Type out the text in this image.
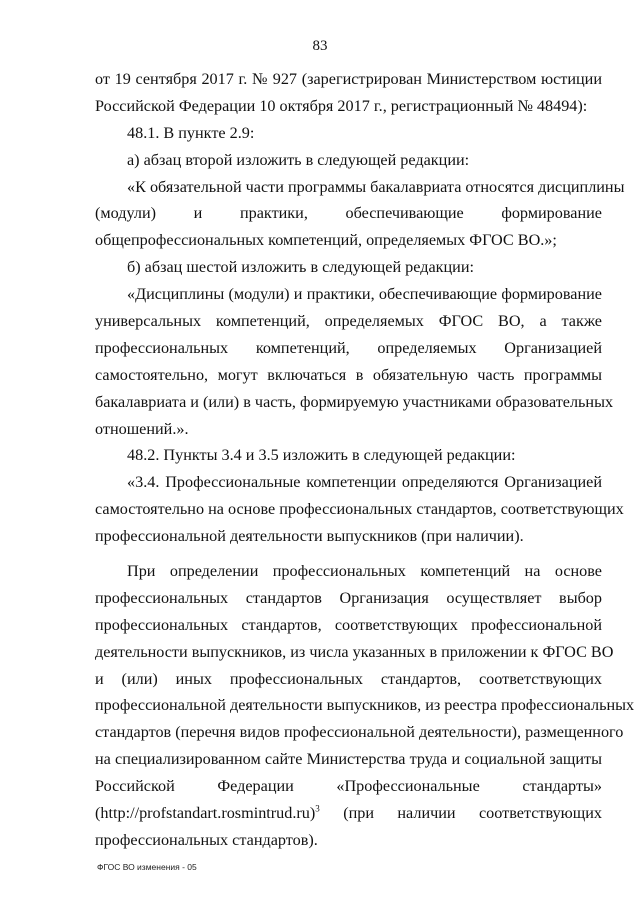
83
от 19 сентября 2017 г. № 927 (зарегистрирован Министерством юстиции
Российской Федерации 10 октября 2017 г., регистрационный № 48494):
48.1. В пункте 2.9:
а) абзац второй изложить в следующей редакции:
«К обязательной части программы бакалавриата относятся дисциплины
(модули) и практики, обеспечивающие формирование
общепрофессиональных компетенций, определяемых ФГОС ВО.»;
б) абзац шестой изложить в следующей редакции:
«Дисциплины (модули) и практики, обеспечивающие формирование
универсальных компетенций, определяемых ФГОС ВО, а также
профессиональных компетенций, определяемых Организацией
самостоятельно, могут включаться в обязательную часть программы
бакалавриата и (или) в часть, формируемую участниками образовательных
отношений.».
48.2. Пункты 3.4 и 3.5 изложить в следующей редакции:
«3.4. Профессиональные компетенции определяются Организацией
самостоятельно на основе профессиональных стандартов, соответствующих
профессиональной деятельности выпускников (при наличии).
При определении профессиональных компетенций на основе
профессиональных стандартов Организация осуществляет выбор
профессиональных стандартов, соответствующих профессиональной
деятельности выпускников, из числа указанных в приложении к ФГОС ВО
и (или) иных профессиональных стандартов, соответствующих
профессиональной деятельности выпускников, из реестра профессиональных
стандартов (перечня видов профессиональной деятельности), размещенного
на специализированном сайте Министерства труда и социальной защиты
Российской Федерации «Профессиональные стандарты»
(http://profstandart.rosmintrud.ru)$^3$ (при наличии соответствующих
профессиональных стандартов).
ФГОС ВО изменения - 05
